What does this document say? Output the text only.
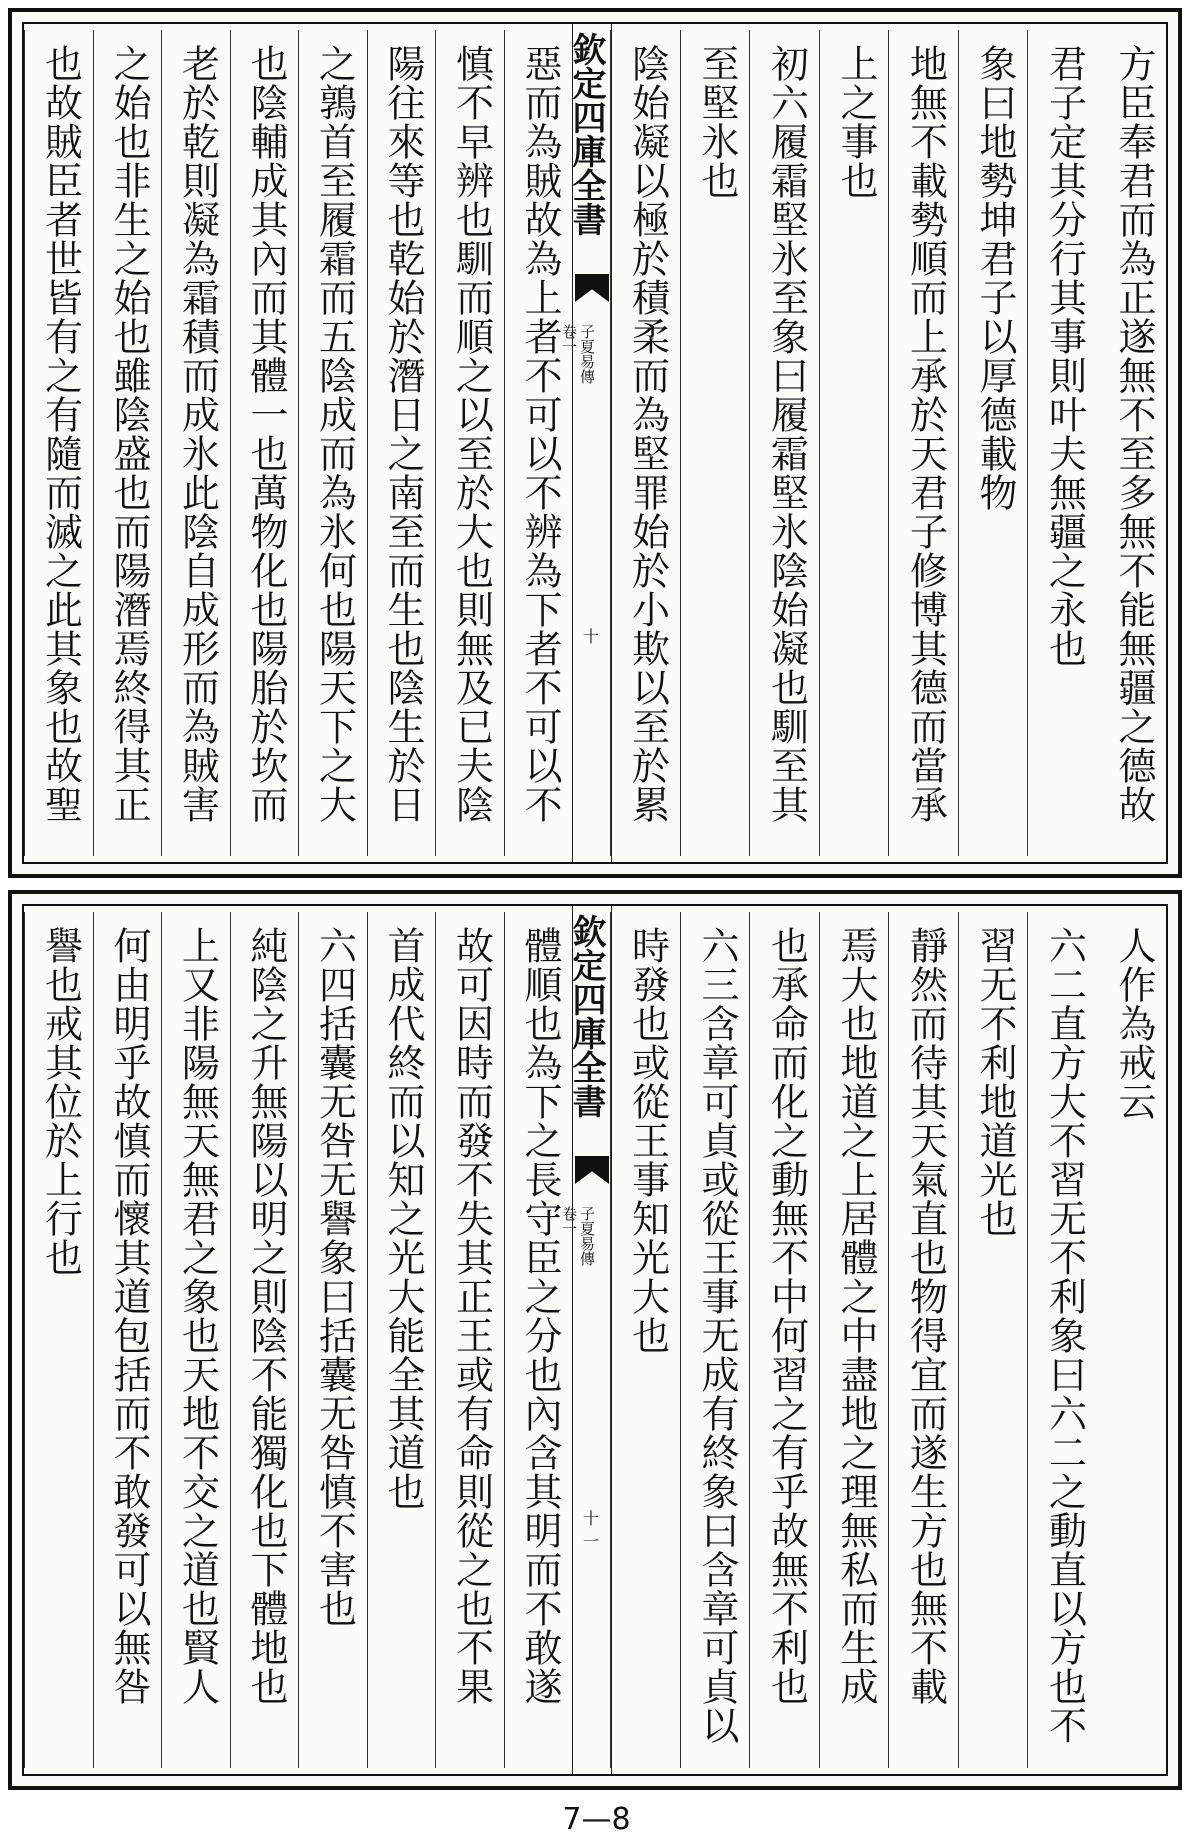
方臣奉君而為正遂無不至多無不能無疆之德故
君子定其分行其事則叶夫無疆之永也
象曰地勢坤君子以厚德載物
地無不載勢順而上承於天君子修博其德而當承
上之事也
初六履霜堅氷至象曰履霜堅氷陰始凝也馴至其
至堅氷也
陰始凝以極於積柔而為堅罪始於小欺以至於累
欽定四庫全書
子夏易傳
卷一
十
惡而為賊故為上者不可以不辨為下者不可以不
慎不早辨也馴而順之以至於大也則無及已夫陰
陽往來等也乾始於潛日之南至而生也陰生於日
之鶉首至履霜而五陰成而為氷何也陽天下之大
也陰輔成其內而其體一也萬物化也陽胎於坎而
老於乾則凝為霜積而成氷此陰自成形而為賊害
之始也非生之始也雖陰盛也而陽潛焉終得其正
也故賊臣者世皆有之有隨而滅之此其象也故聖
人作為戒云
六二直方大不習无不利象曰六二之動直以方也不
習无不利地道光也
靜然而待其天氣直也物得宜而遂生方也無不載
焉大也地道之上居體之中盡地之理無私而生成
也承命而化之動無不中何習之有乎故無不利也
六三含章可貞或從王事无成有終象曰含章可貞以
時發也或從王事知光大也
欽定四庫全書
子夏易傳
卷一
十一
體順也為下之長守臣之分也內含其明而不敢遂
故可因時而發不失其正王或有命則從之也不果
首成代終而以知之光大能全其道也
六四括囊无咎无譽象曰括囊无咎慎不害也
純陰之升無陽以明之則陰不能獨化也下體地也
上又非陽無天無君之象也天地不交之道也賢人
何由明乎故慎而懷其道包括而不敢發可以無咎
譽也戒其位於上行也
7—8
